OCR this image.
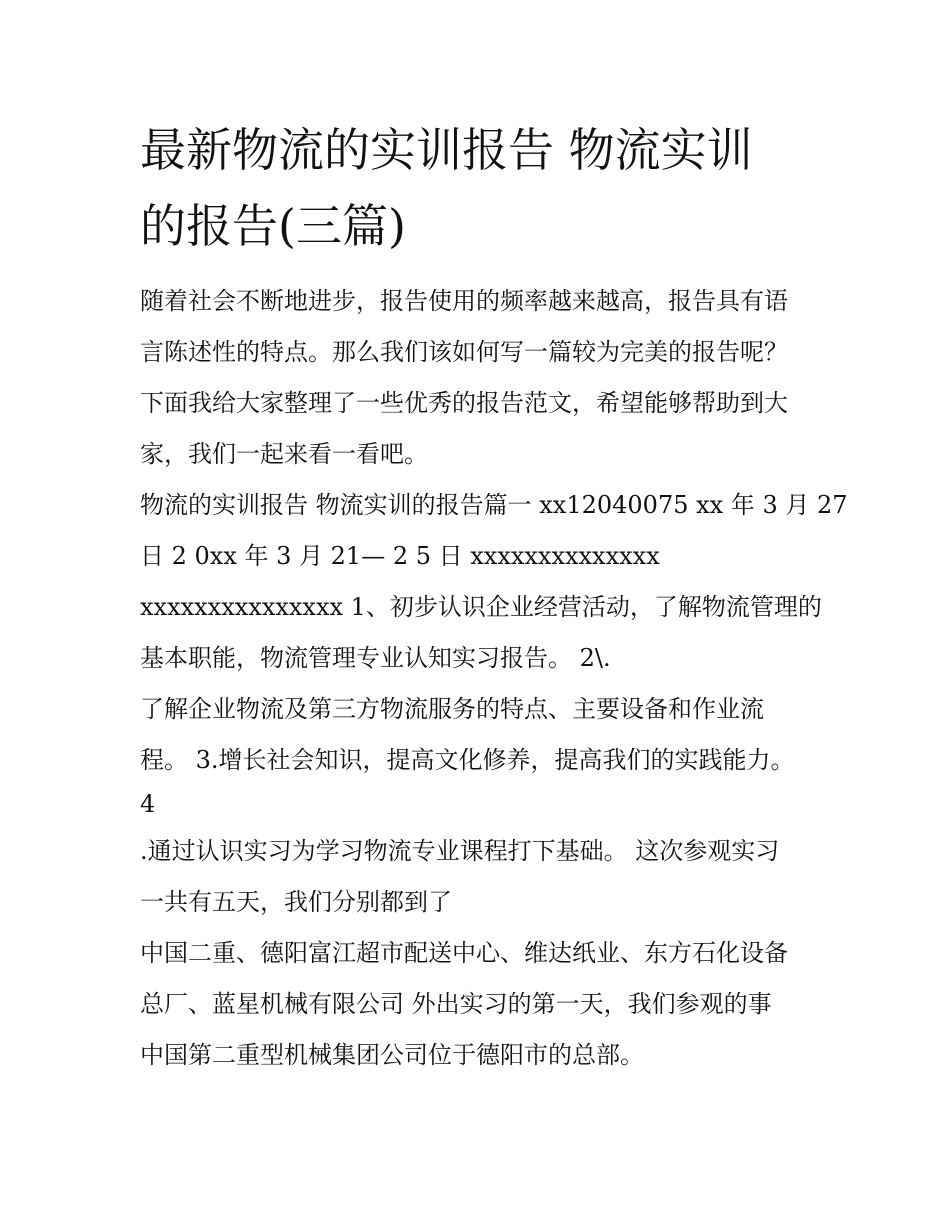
最新物流的实训报告 物流实训
的报告(三篇)

随着社会不断地进步，报告使用的频率越来越高，报告具有语

言陈述性的特点。那么我们该如何写一篇较为完美的报告呢？

下面我给大家整理了一些优秀的报告范文，希望能够帮助到大

家，我们一起来看一看吧。

物流的实训报告 物流实训的报告篇一 xx12040075 xx 年 3 月 27

日 2 0xx 年 3 月 21— 2 5 日 xxxxxxxxxxxxxx

xxxxxxxxxxxxxxx 1、初步认识企业经营活动，了解物流管理的

基本职能，物流管理专业认知实习报告。 2\.

了解企业物流及第三方物流服务的特点、主要设备和作业流

程。 3.增长社会知识，提高文化修养，提高我们的实践能力。

4

.通过认识实习为学习物流专业课程打下基础。 这次参观实习

一共有五天，我们分别都到了

中国二重、德阳富江超市配送中心、维达纸业、东方石化设备

总厂、蓝星机械有限公司 外出实习的第一天，我们参观的事

中国第二重型机械集团公司位于德阳市的总部。
